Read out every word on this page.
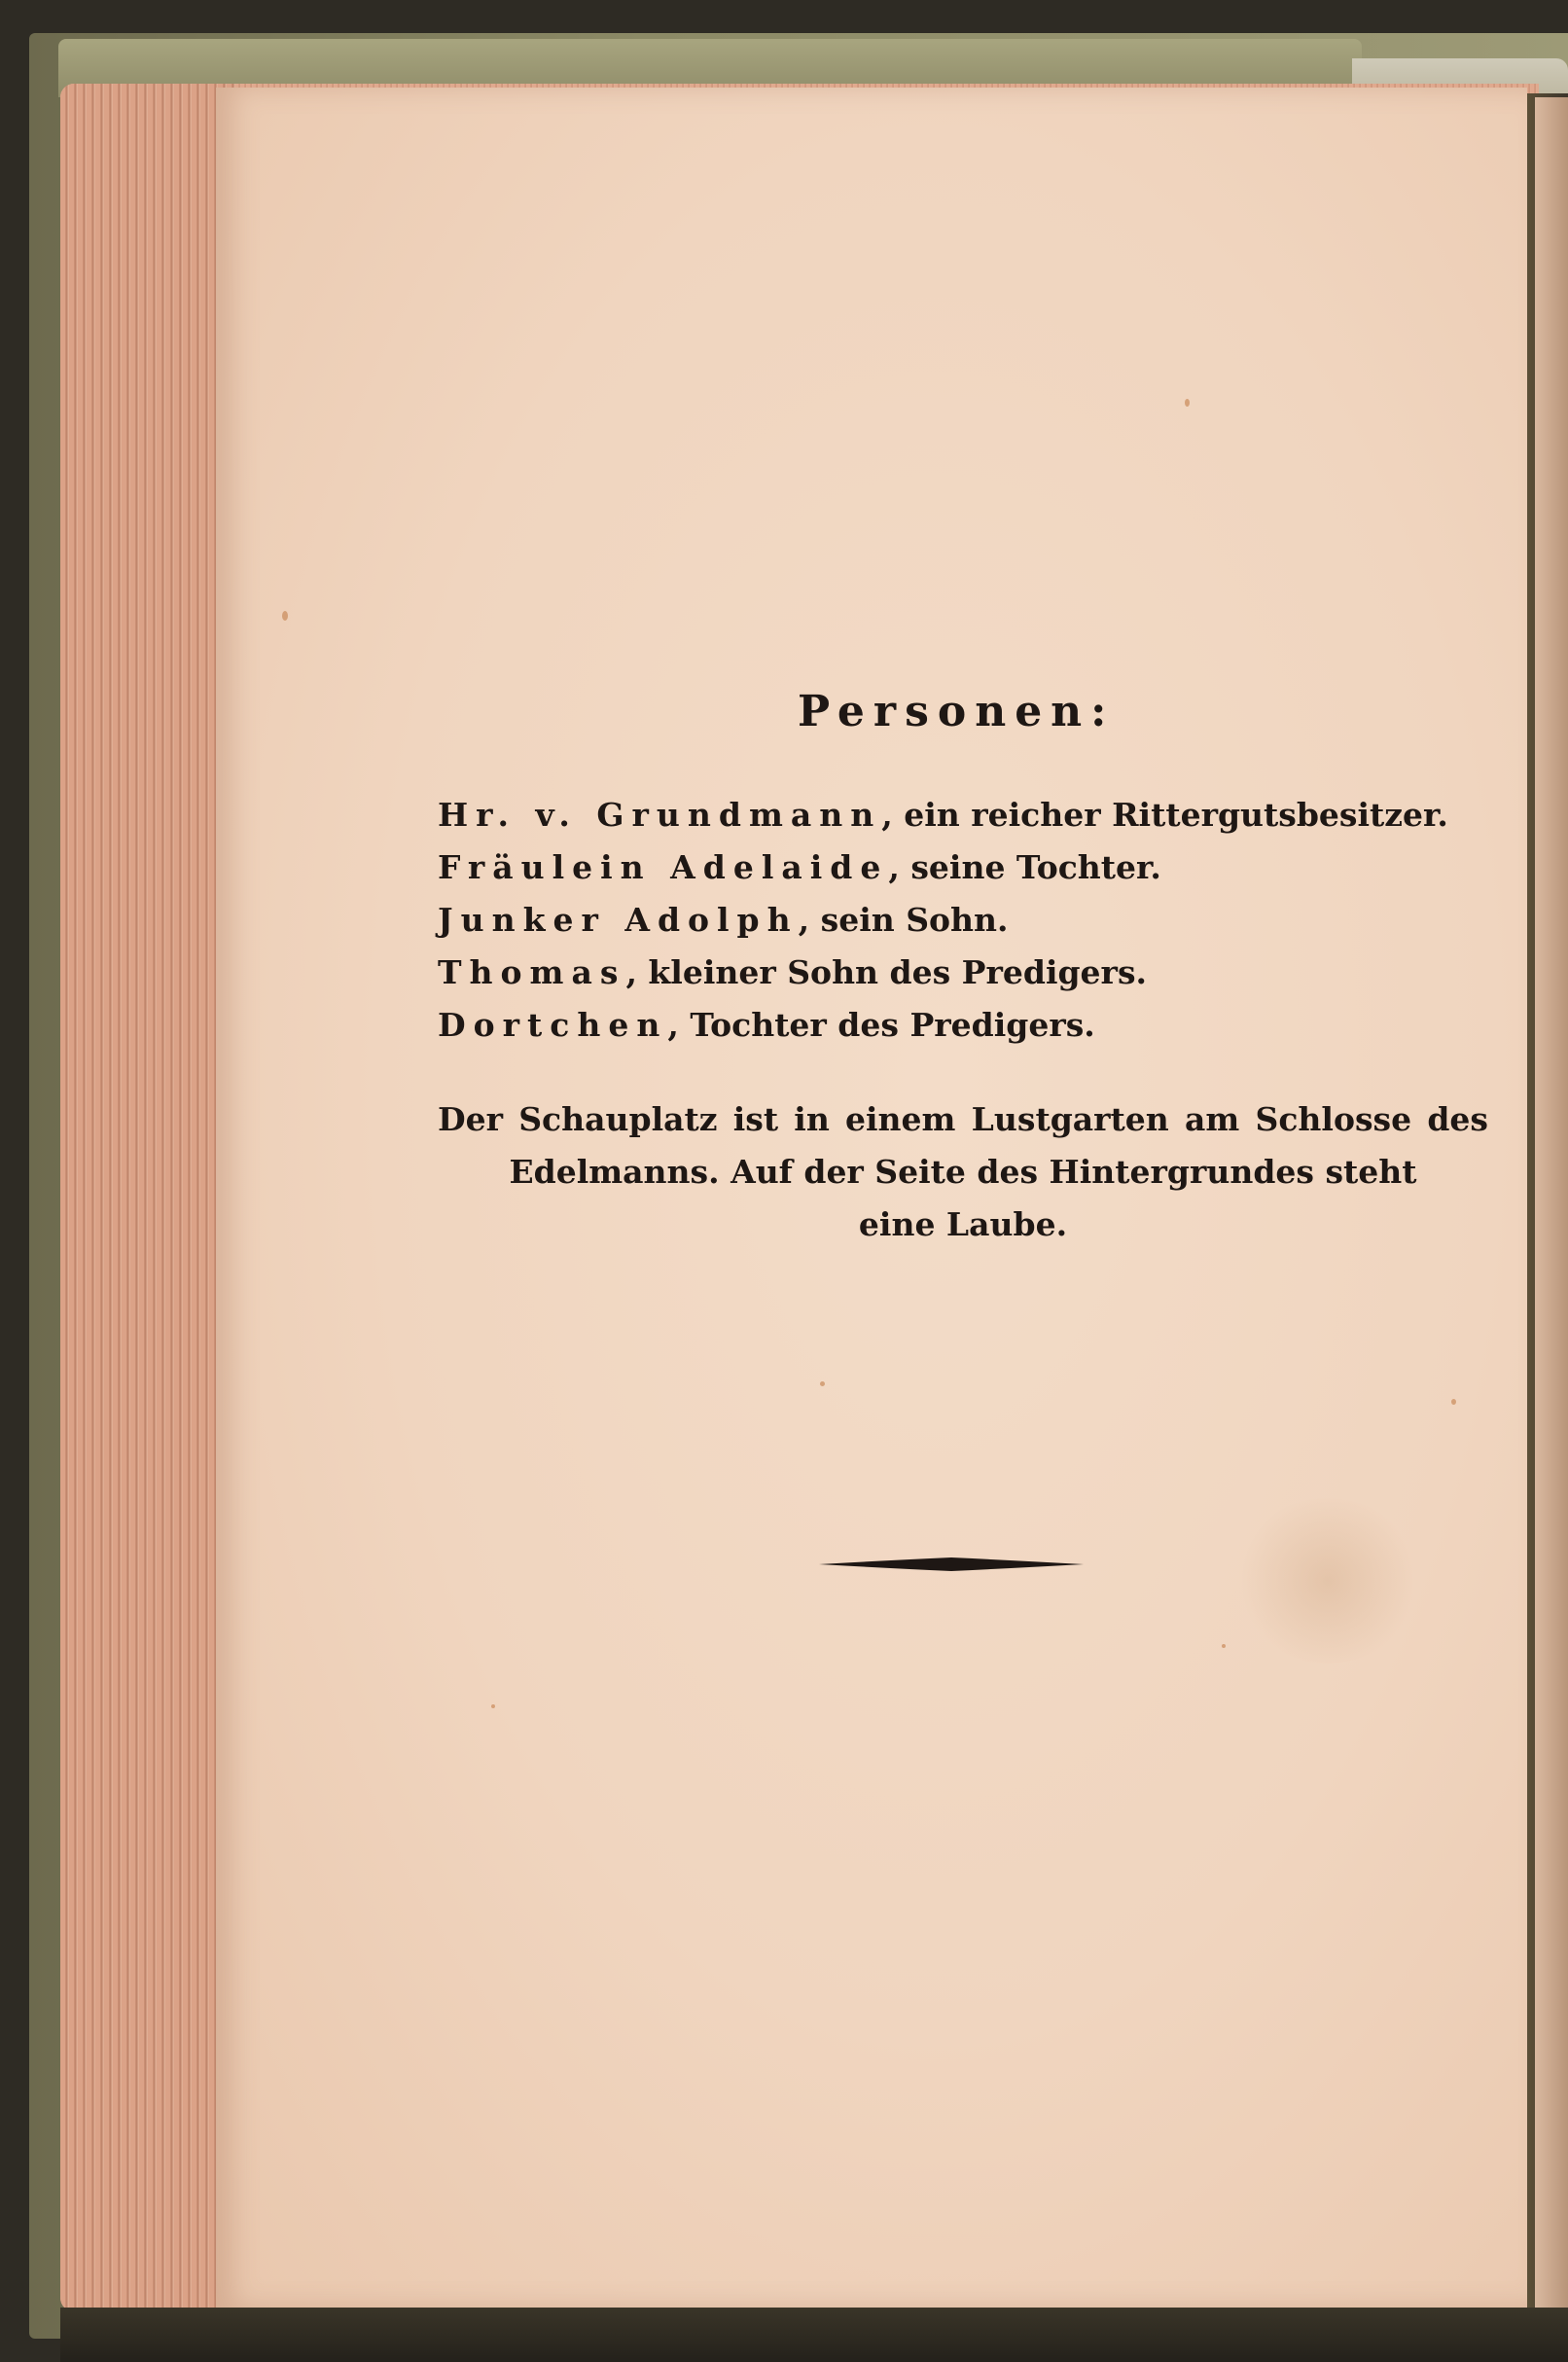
Personen:
Hr. v. Grundmann, ein reicher Rittergutsbesitzer.
Fräulein Adelaide, seine Tochter.
Junker Adolph, sein Sohn.
Thomas, kleiner Sohn des Predigers.
Dortchen, Tochter des Predigers.
Der Schauplatz ist in einem Lustgarten am Schlosse des
Edelmanns. Auf der Seite des Hintergrundes steht
eine Laube.
